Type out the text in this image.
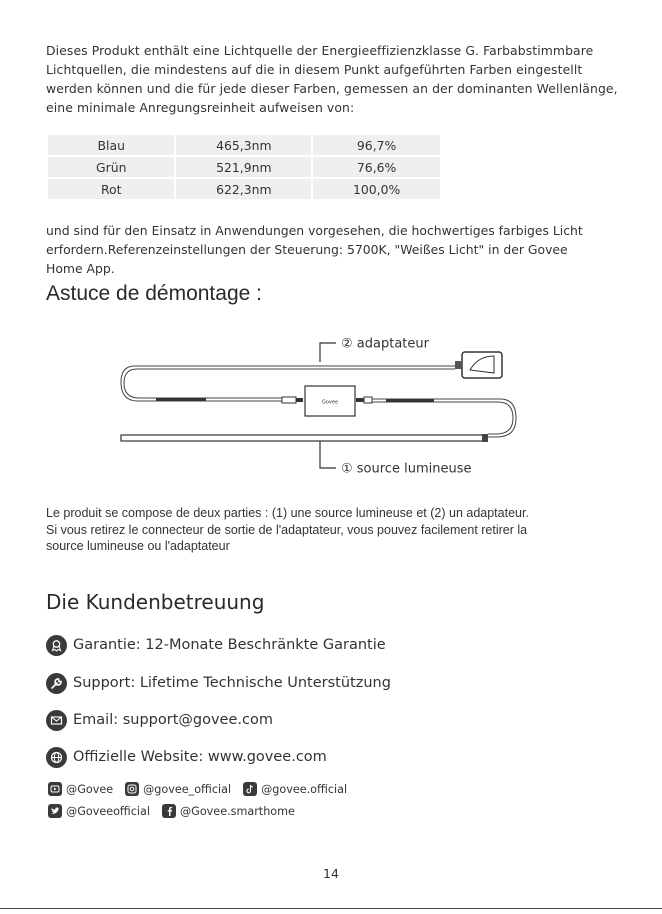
Dieses Produkt enthält eine Lichtquelle der Energieeffizienzklasse G. Farbabstimmbare

Lichtquellen, die mindestens auf die in diesem Punkt aufgeführten Farben eingestellt

werden können und die für jede dieser Farben, gemessen an der dominanten Wellenlänge,

eine minimale Anregungsreinheit aufweisen von:

Blau	465,3nm	96,7%
Grün	521,9nm	76,6%
Rot	622,3nm	100,0%
und sind für den Einsatz in Anwendungen vorgesehen, die hochwertiges farbiges Licht
erfordern.Referenzeinstellungen der Steuerung: 5700K, "Weißes Licht" in der Govee
Home App.
Astuce de démontage :
② adaptateur
Govee
① source lumineuse

Le produit se compose de deux parties : (1) une source lumineuse et (2) un adaptateur.

Si vous retirez le connecteur de sortie de l'adaptateur, vous pouvez facilement retirer la

source lumineuse ou l'adaptateur

Die Kundenbetreuung
Garantie: 12-Monate Beschränkte Garantie
Support: Lifetime Technische Unterstützung
Email: support@govee.com
Offizielle Website: www.govee.com
@Govee	@govee_official	@govee.official
@Goveeofficial	@Govee.smarthome
14
